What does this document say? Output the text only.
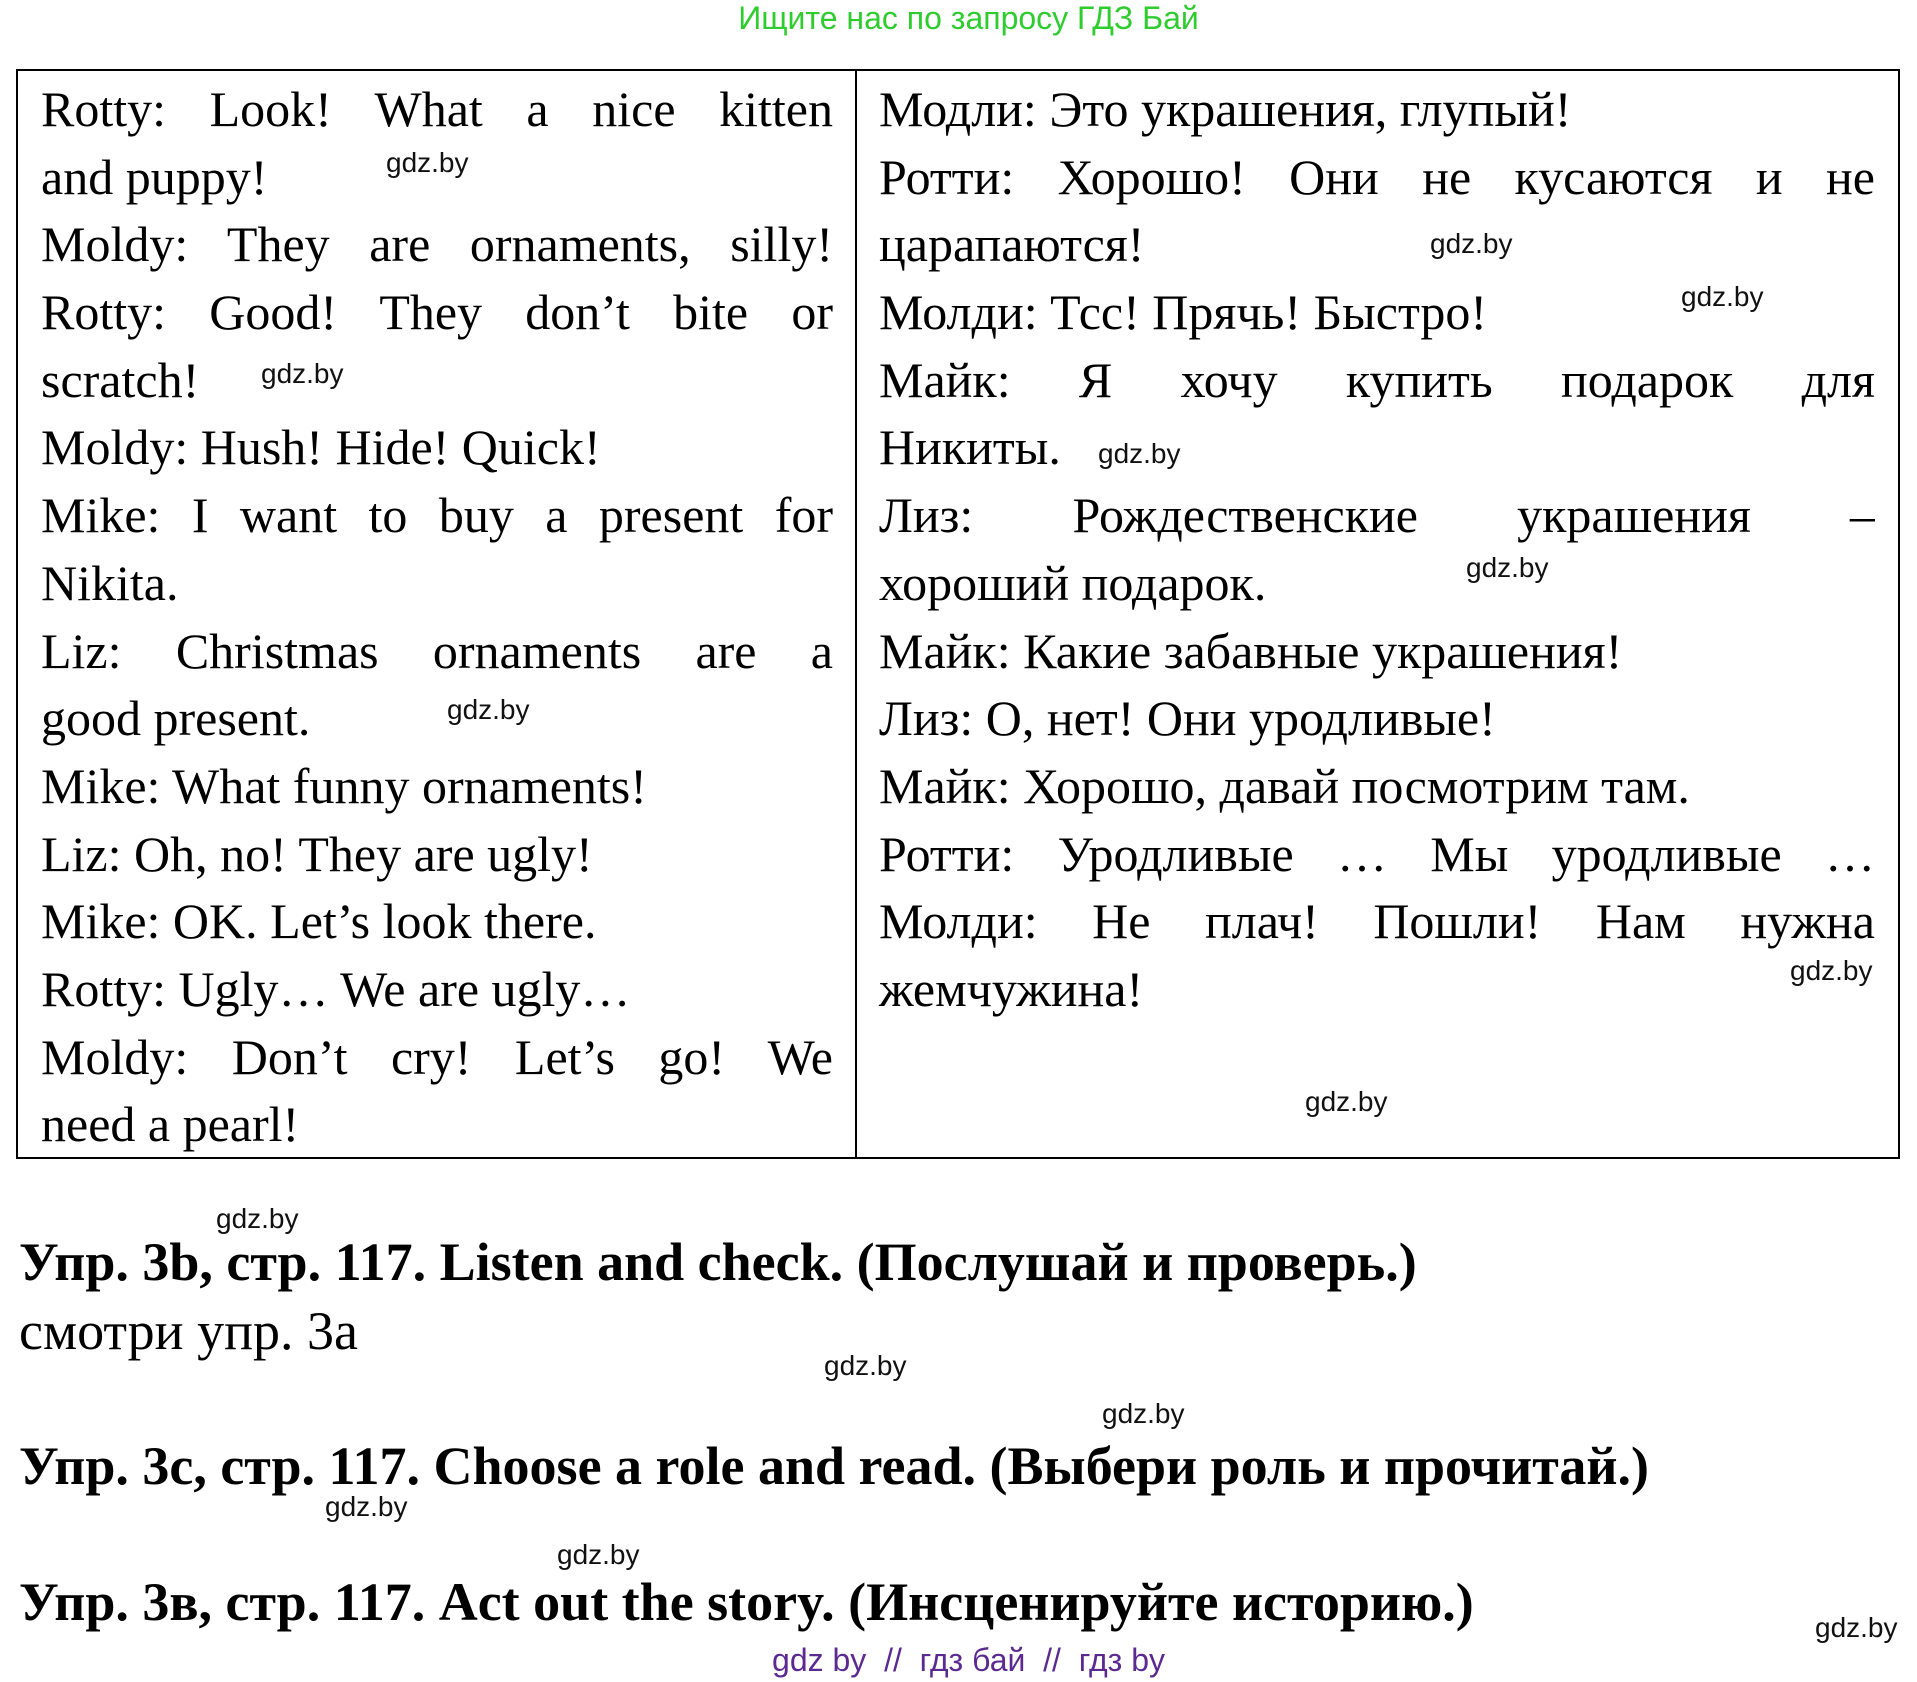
Ищите нас по запросу ГДЗ Бай
Rotty: Look! What a nice kitten
and puppy!
Moldy: They are ornaments, silly!
Rotty: Good! They don’t bite or
scratch!
Moldy: Hush! Hide! Quick!
Mike: I want to buy a present for
Nikita.
Liz: Christmas ornaments are a
good present.
Mike: What funny ornaments!
Liz: Oh, no! They are ugly!
Mike: OK. Let’s look there.
Rotty: Ugly… We are ugly…
Moldy: Don’t cry! Let’s go! We
need a pearl!
Модли: Это украшения, глупый!
Ротти: Хорошо! Они не кусаются и не
царапаются!
Молди: Тсс! Прячь! Быстро!
Майк: Я хочу купить подарок для
Никиты.
Лиз: Рождественские украшения –
хороший подарок.
Майк: Какие забавные украшения!
Лиз: О, нет! Они уродливые!
Майк: Хорошо, давай посмотрим там.
Ротти: Уродливые … Мы уродливые …
Молди: Не плач! Пошли! Нам нужна
жемчужина!
Упр. 3b, стр. 117. Listen and check. (Послушай и проверь.)
смотри упр. 3а
Упр. 3c, стр. 117. Choose a role and read. (Выбери роль и прочитай.)
Упр. 3в, стр. 117. Act out the story. (Инсценируйте историю.)
gdz.by
gdz.by
gdz.by
gdz.by
gdz.by
gdz.by
gdz.by
gdz.by
gdz.by
gdz.by
gdz.by
gdz.by
gdz.by
gdz.by
gdz.by
gdz by  //  гдз бай  //  гдз by
